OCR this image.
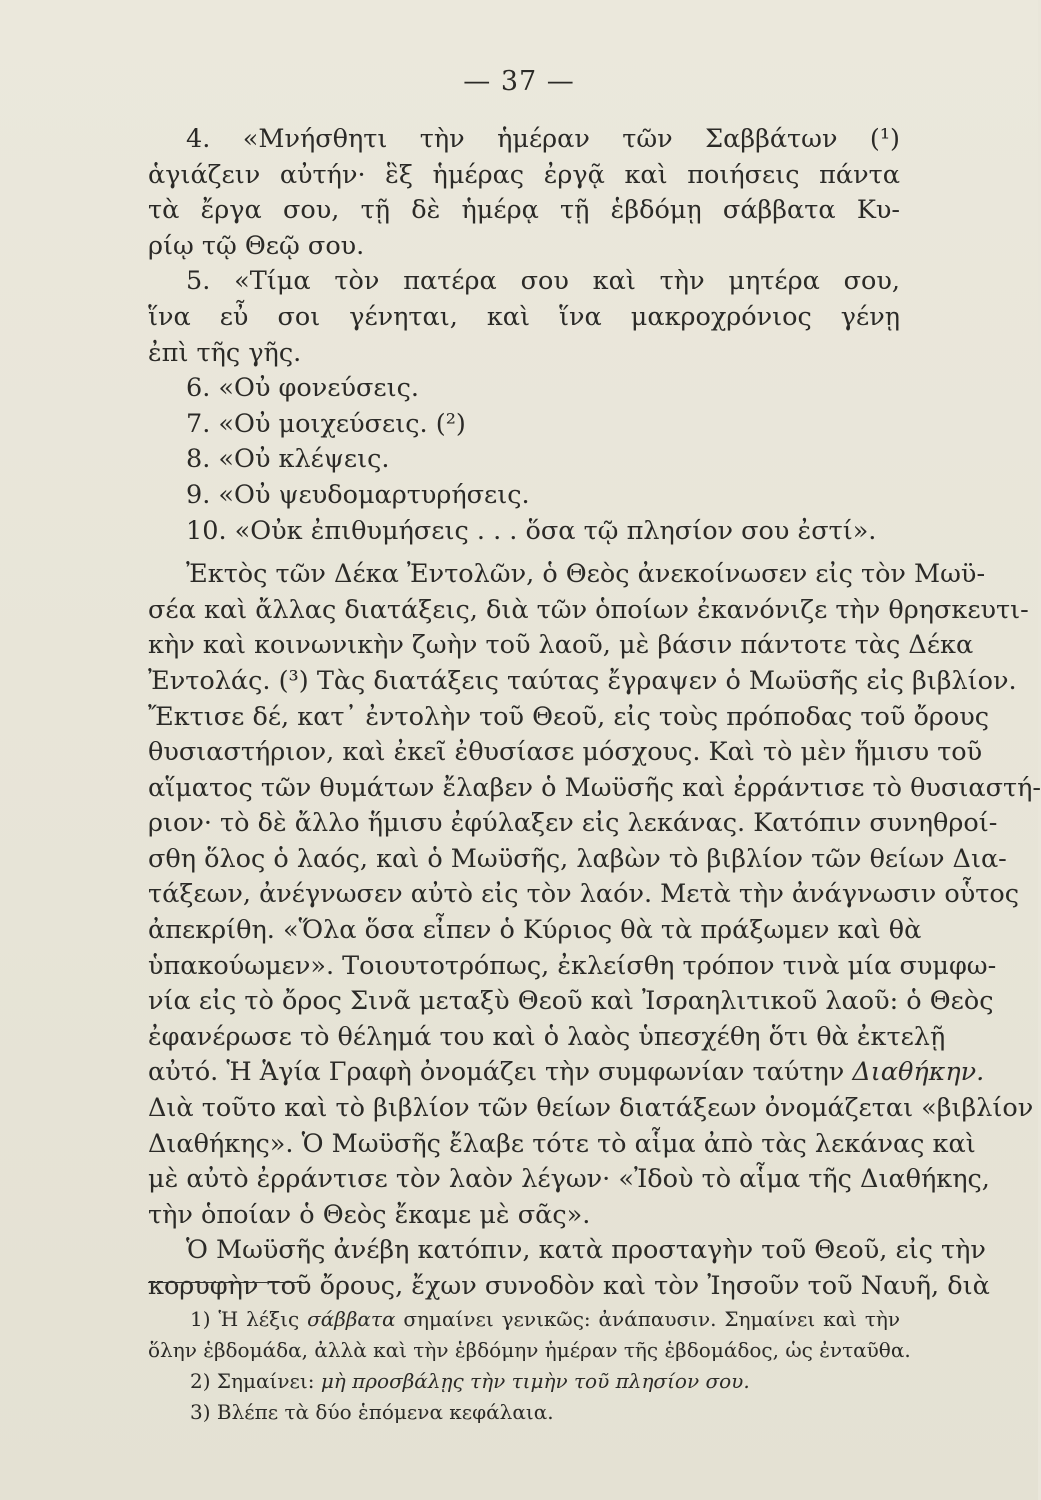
— 37 —
4. «Μνήσθητι τὴν ἡμέραν τῶν Σαββάτων (¹)
ἁγιάζειν αὐτήν· ἓξ ἡμέρας ἐργᾷ καὶ ποιήσεις πάντα
τὰ ἔργα σου, τῇ δὲ ἡμέρᾳ τῇ ἑβδόμῃ σάββατα Κυ-
ρίῳ τῷ Θεῷ σου.
5. «Τίμα τὸν πατέρα σου καὶ τὴν μητέρα σου,
ἵνα εὖ σοι γένηται, καὶ ἵνα μακροχρόνιος γένῃ
ἐπὶ τῆς γῆς.
6. «Οὐ φονεύσεις.
7. «Οὐ μοιχεύσεις. (²)
8. «Οὐ κλέψεις.
9. «Οὐ ψευδομαρτυρήσεις.
10. «Οὐκ ἐπιθυμήσεις . . . ὅσα τῷ πλησίον σου ἐστί».
Ἐκτὸς τῶν Δέκα Ἐντολῶν, ὁ Θεὸς ἀνεκοίνωσεν εἰς τὸν Μωϋ-
σέα καὶ ἄλλας διατάξεις, διὰ τῶν ὁποίων ἐκανόνιζε τὴν θρησκευτι-
κὴν καὶ κοινωνικὴν ζωὴν τοῦ λαοῦ, μὲ βάσιν πάντοτε τὰς Δέκα
Ἐντολάς. (³) Τὰς διατάξεις ταύτας ἔγραψεν ὁ Μωϋσῆς εἰς βιβλίον.
Ἔκτισε δέ, κατ᾿ ἐντολὴν τοῦ Θεοῦ, εἰς τοὺς πρόποδας τοῦ ὄρους
θυσιαστήριον, καὶ ἐκεῖ ἐθυσίασε μόσχους. Καὶ τὸ μὲν ἥμισυ τοῦ
αἵματος τῶν θυμάτων ἔλαβεν ὁ Μωϋσῆς καὶ ἐρράντισε τὸ θυσιαστή-
ριον· τὸ δὲ ἄλλο ἥμισυ ἐφύλαξεν εἰς λεκάνας. Κατόπιν συνηθροί-
σθη ὅλος ὁ λαός, καὶ ὁ Μωϋσῆς, λαβὼν τὸ βιβλίον τῶν θείων Δια-
τάξεων, ἀνέγνωσεν αὐτὸ εἰς τὸν λαόν. Μετὰ τὴν ἀνάγνωσιν οὗτος
ἀπεκρίθη. «Ὅλα ὅσα εἶπεν ὁ Κύριος θὰ τὰ πράξωμεν καὶ θὰ
ὑπακούωμεν». Τοιουτοτρόπως, ἐκλείσθη τρόπον τινὰ μία συμφω-
νία εἰς τὸ ὄρος Σινᾶ μεταξὺ Θεοῦ καὶ Ἰσραηλιτικοῦ λαοῦ: ὁ Θεὸς
ἐφανέρωσε τὸ θέλημά του καὶ ὁ λαὸς ὑπεσχέθη ὅτι θὰ ἐκτελῇ
αὐτό. Ἡ Ἁγία Γραφὴ ὀνομάζει τὴν συμφωνίαν ταύτην Διαθήκην.
Διὰ τοῦτο καὶ τὸ βιβλίον τῶν θείων διατάξεων ὀνομάζεται «βιβλίον
Διαθήκης». Ὁ Μωϋσῆς ἔλαβε τότε τὸ αἷμα ἀπὸ τὰς λεκάνας καὶ
μὲ αὐτὸ ἐρράντισε τὸν λαὸν λέγων· «Ἰδοὺ τὸ αἷμα τῆς Διαθήκης,
τὴν ὁποίαν ὁ Θεὸς ἔκαμε μὲ σᾶς».
Ὁ Μωϋσῆς ἀνέβη κατόπιν, κατὰ προσταγὴν τοῦ Θεοῦ, εἰς τὴν
κορυφὴν τοῦ ὄρους, ἔχων συνοδὸν καὶ τὸν Ἰησοῦν τοῦ Ναυῆ, διὰ
1) Ἡ λέξις σάββατα σημαίνει γενικῶς: ἀνάπαυσιν. Σημαίνει καὶ τὴν
ὅλην ἑβδομάδα, ἀλλὰ καὶ τὴν ἑβδόμην ἡμέραν τῆς ἑβδομάδος, ὡς ἐνταῦθα.
2) Σημαίνει: μὴ προσβάλῃς τὴν τιμὴν τοῦ πλησίον σου.
3) Βλέπε τὰ δύο ἑπόμενα κεφάλαια.
